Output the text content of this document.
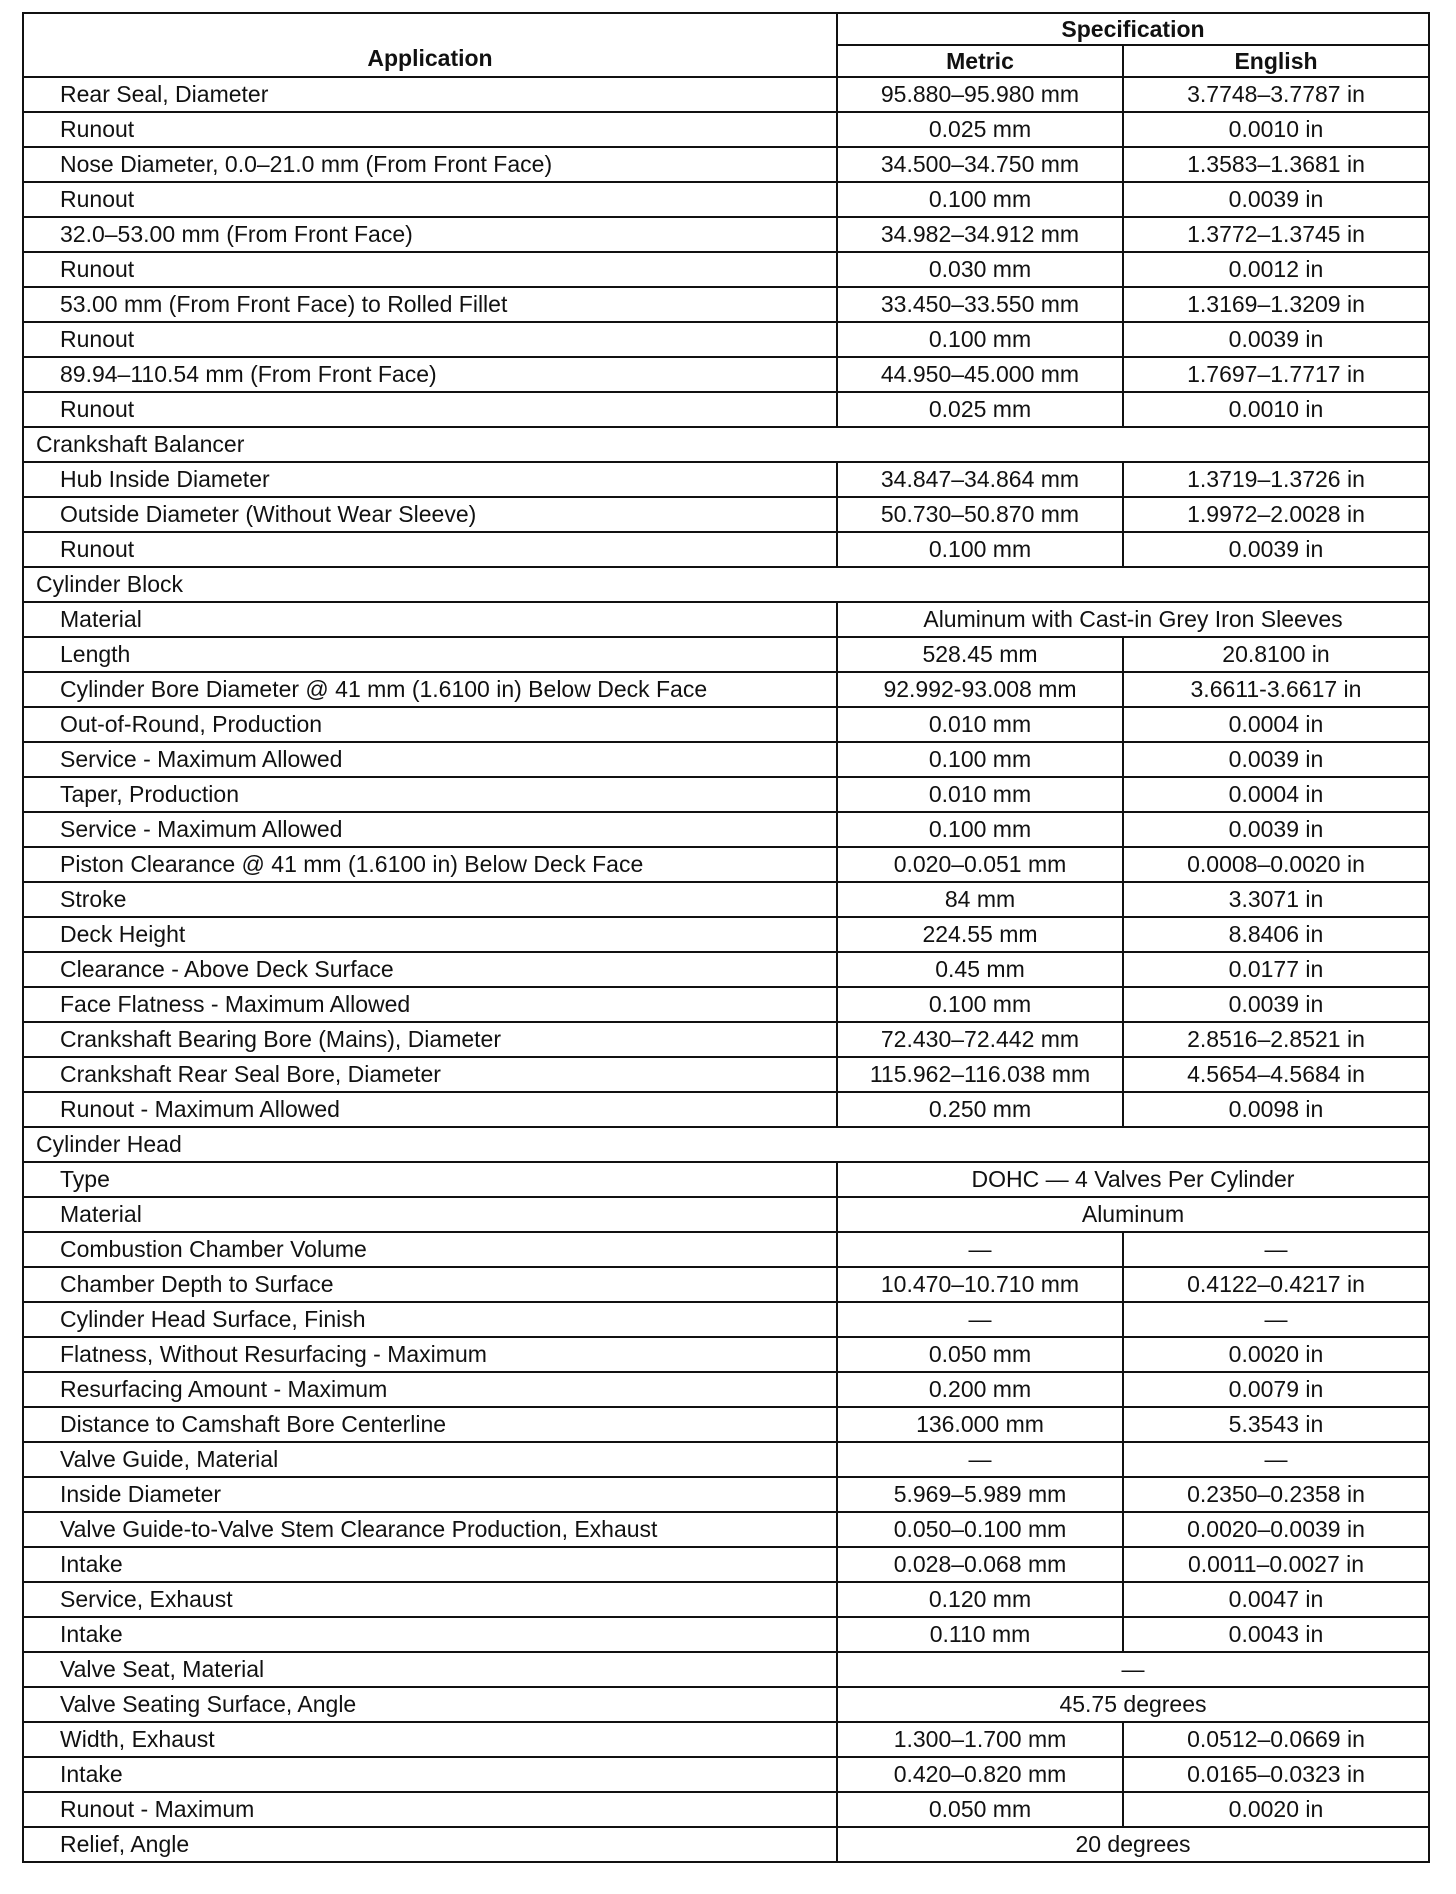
Application	Specification	
	Metric	English
Rear Seal, Diameter	95.880–95.980 mm	3.7748–3.7787 in
Runout	0.025 mm	0.0010 in
Nose Diameter, 0.0–21.0 mm (From Front Face)	34.500–34.750 mm	1.3583–1.3681 in
Runout	0.100 mm	0.0039 in
32.0–53.00 mm (From Front Face)	34.982–34.912 mm	1.3772–1.3745 in
Runout	0.030 mm	0.0012 in
53.00 mm (From Front Face) to Rolled Fillet	33.450–33.550 mm	1.3169–1.3209 in
Runout	0.100 mm	0.0039 in
89.94–110.54 mm (From Front Face)	44.950–45.000 mm	1.7697–1.7717 in
Runout	0.025 mm	0.0010 in
Crankshaft Balancer		
Hub Inside Diameter	34.847–34.864 mm	1.3719–1.3726 in
Outside Diameter (Without Wear Sleeve)	50.730–50.870 mm	1.9972–2.0028 in
Runout	0.100 mm	0.0039 in
Cylinder Block		
Material	Aluminum with Cast-in Grey Iron Sleeves	
Length	528.45 mm	20.8100 in
Cylinder Bore Diameter @ 41 mm (1.6100 in) Below Deck Face	92.992-93.008 mm	3.6611-3.6617 in
Out-of-Round, Production	0.010 mm	0.0004 in
Service - Maximum Allowed	0.100 mm	0.0039 in
Taper, Production	0.010 mm	0.0004 in
Service - Maximum Allowed	0.100 mm	0.0039 in
Piston Clearance @ 41 mm (1.6100 in) Below Deck Face	0.020–0.051 mm	0.0008–0.0020 in
Stroke	84 mm	3.3071 in
Deck Height	224.55 mm	8.8406 in
Clearance - Above Deck Surface	0.45 mm	0.0177 in
Face Flatness - Maximum Allowed	0.100 mm	0.0039 in
Crankshaft Bearing Bore (Mains), Diameter	72.430–72.442 mm	2.8516–2.8521 in
Crankshaft Rear Seal Bore, Diameter	115.962–116.038 mm	4.5654–4.5684 in
Runout - Maximum Allowed	0.250 mm	0.0098 in
Cylinder Head		
Type	DOHC — 4 Valves Per Cylinder	
Material	Aluminum	
Combustion Chamber Volume	—	—
Chamber Depth to Surface	10.470–10.710 mm	0.4122–0.4217 in
Cylinder Head Surface, Finish	—	—
Flatness, Without Resurfacing - Maximum	0.050 mm	0.0020 in
Resurfacing Amount - Maximum	0.200 mm	0.0079 in
Distance to Camshaft Bore Centerline	136.000 mm	5.3543 in
Valve Guide, Material	—	—
Inside Diameter	5.969–5.989 mm	0.2350–0.2358 in
Valve Guide-to-Valve Stem Clearance Production, Exhaust	0.050–0.100 mm	0.0020–0.0039 in
Intake	0.028–0.068 mm	0.0011–0.0027 in
Service, Exhaust	0.120 mm	0.0047 in
Intake	0.110 mm	0.0043 in
Valve Seat, Material	—	
Valve Seating Surface, Angle	45.75 degrees	
Width, Exhaust	1.300–1.700 mm	0.0512–0.0669 in
Intake	0.420–0.820 mm	0.0165–0.0323 in
Runout - Maximum	0.050 mm	0.0020 in
Relief, Angle	20 degrees	
